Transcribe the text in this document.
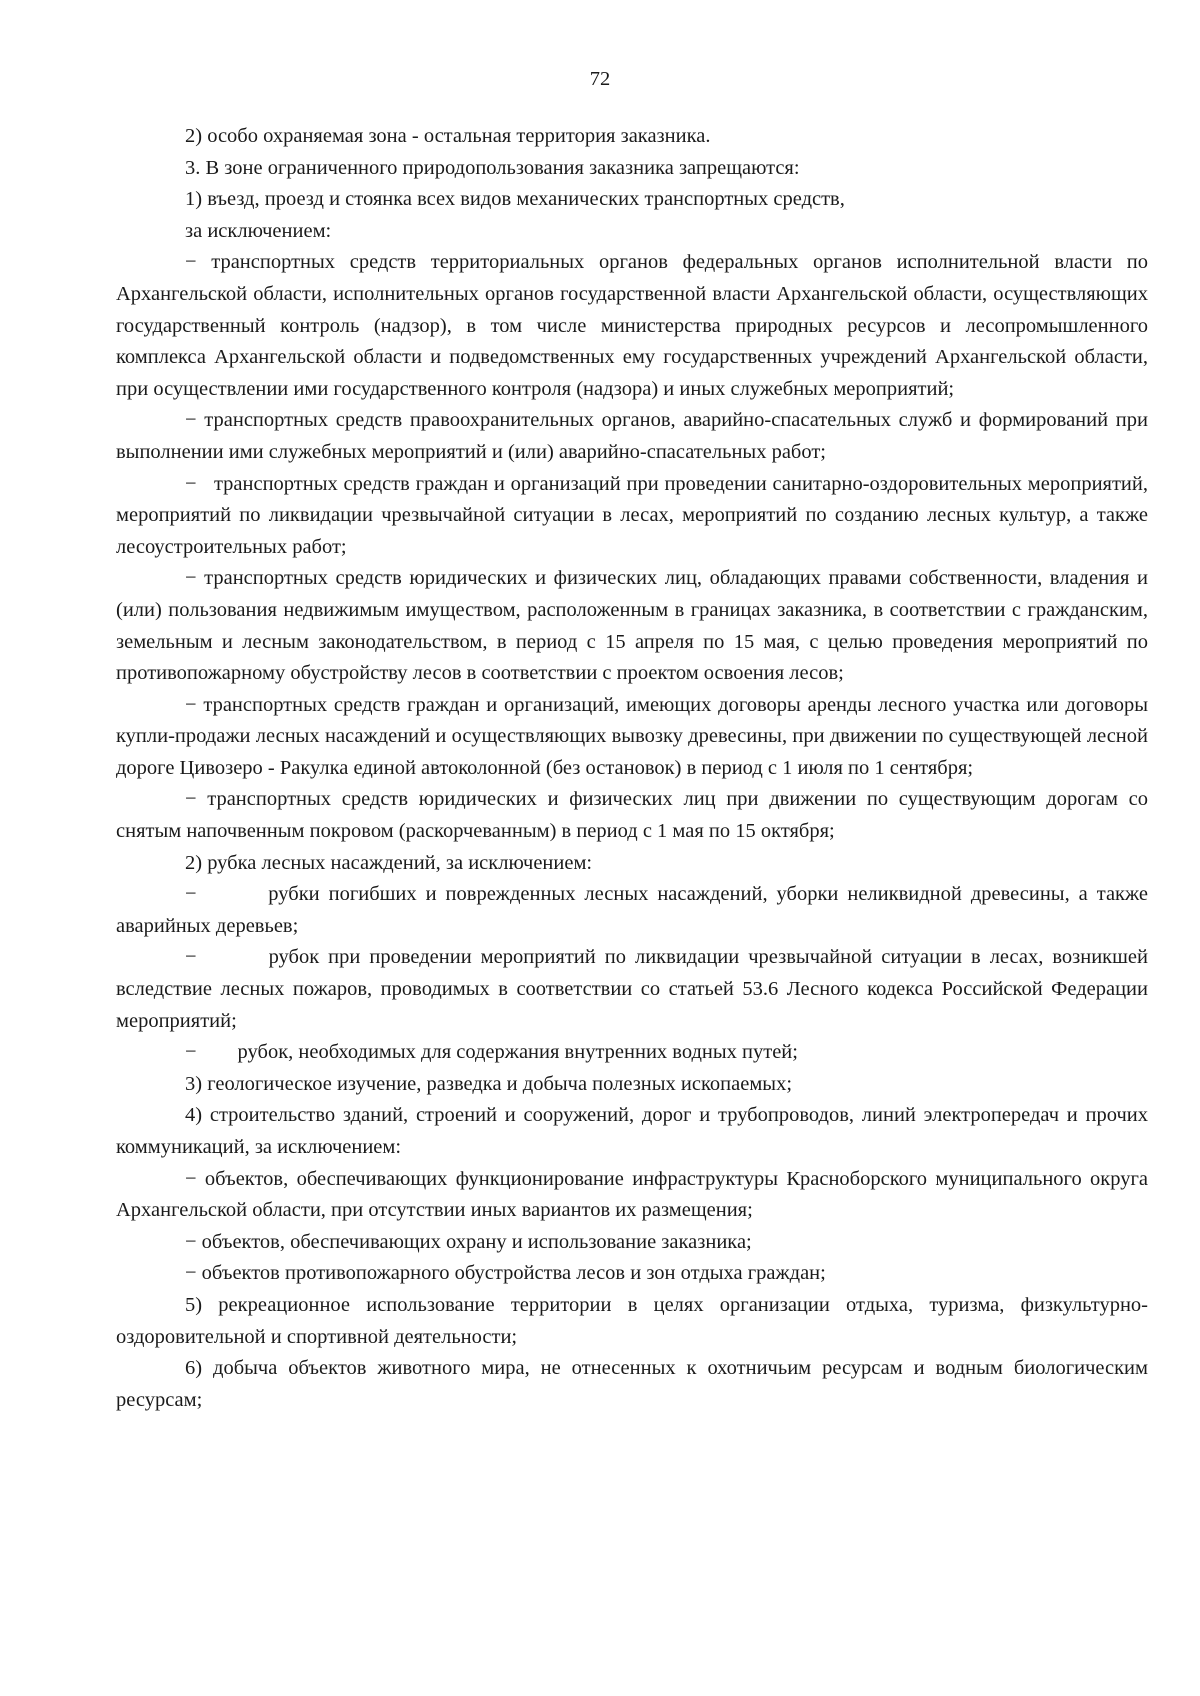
72

2) особо охраняемая зона - остальная территория заказника.

3. В зоне ограниченного природопользования заказника запрещаются:

1) въезд, проезд и стоянка всех видов механических транспортных средств,

за исключением:

− транспортных средств территориальных органов федеральных органов исполнительной власти по Архангельской области, исполнительных органов государственной власти Архангельской области, осуществляющих государственный контроль (надзор), в том числе министерства природных ресурсов и лесопромышленного комплекса Архангельской области и подведомственных ему государственных учреждений Архангельской области, при осуществлении ими государственного контроля (надзора) и иных служебных мероприятий;

− транспортных средств правоохранительных органов, аварийно-спасательных служб и формирований при выполнении ими служебных мероприятий и (или) аварийно-спасательных работ;

−   транспортных средств граждан и организаций при проведении санитарно-оздоровительных мероприятий, мероприятий по ликвидации чрезвычайной ситуации в лесах, мероприятий по созданию лесных культур, а также лесоустроительных работ;

− транспортных средств юридических и физических лиц, обладающих правами собственности, владения и (или) пользования недвижимым имуществом, расположенным в границах заказника, в соответствии с гражданским, земельным и лесным законодательством, в период с 15 апреля по 15 мая, с целью проведения мероприятий по противопожарному обустройству лесов в соответствии с проектом освоения лесов;

− транспортных средств граждан и организаций, имеющих договоры аренды лесного участка или договоры купли-продажи лесных насаждений и осуществляющих вывозку древесины, при движении по существующей лесной дороге Цивозеро - Ракулка единой автоколонной (без остановок) в период с 1 июля по 1 сентября;

− транспортных средств юридических и физических лиц при движении по существующим дорогам со снятым напочвенным покровом (раскорчеванным) в период с 1 мая по 15 октября;

2) рубка лесных насаждений, за исключением:

−        рубки погибших и поврежденных лесных насаждений, уборки неликвидной древесины, а также аварийных деревьев;

−        рубок при проведении мероприятий по ликвидации чрезвычайной ситуации в лесах, возникшей вследствие лесных пожаров, проводимых в соответствии со статьей 53.6 Лесного кодекса Российской Федерации мероприятий;

−        рубок, необходимых для содержания внутренних водных путей;

3) геологическое изучение, разведка и добыча полезных ископаемых;

4) строительство зданий, строений и сооружений, дорог и трубопроводов, линий электропередач и прочих коммуникаций, за исключением:

− объектов, обеспечивающих функционирование инфраструктуры Красноборского муниципального округа Архангельской области, при отсутствии иных вариантов их размещения;

− объектов, обеспечивающих охрану и использование заказника;

− объектов противопожарного обустройства лесов и зон отдыха граждан;

5) рекреационное использование территории в целях организации отдыха, туризма, физкультурно-оздоровительной и спортивной деятельности;

6) добыча объектов животного мира, не отнесенных к охотничьим ресурсам и водным биологическим ресурсам;
